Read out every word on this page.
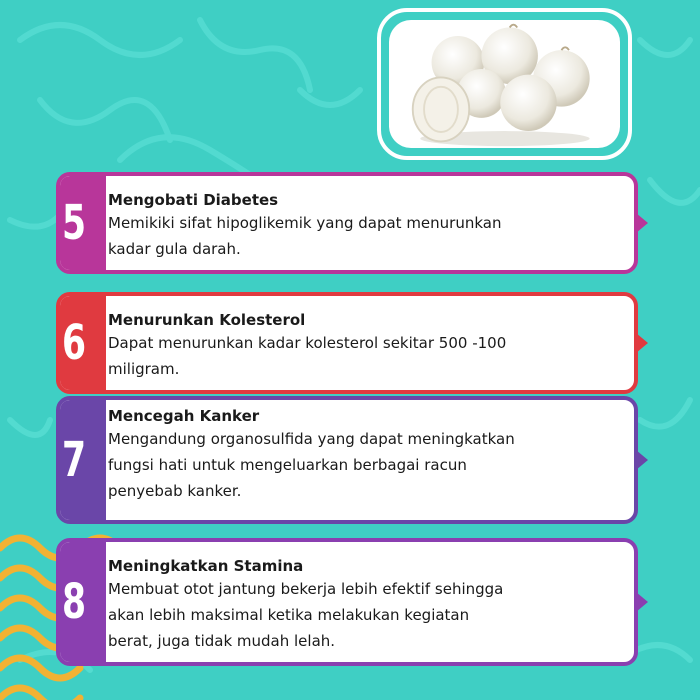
5	Mengobati Diabetes

Memikiki sifat hipoglikemik yang dapat menurunkan

kadar gula darah.

6	Menurunkan Kolesterol

Dapat menurunkan kadar kolesterol sekitar 500 -100

miligram.

7

Mencegah Kanker

Mengandung organosulfida yang dapat meningkatkan

fungsi hati untuk mengeluarkan berbagai racun

penyebab kanker.

8

Meningkatkan Stamina

Membuat otot jantung bekerja lebih efektif sehingga

akan lebih maksimal ketika melakukan kegiatan

berat, juga tidak mudah lelah.
